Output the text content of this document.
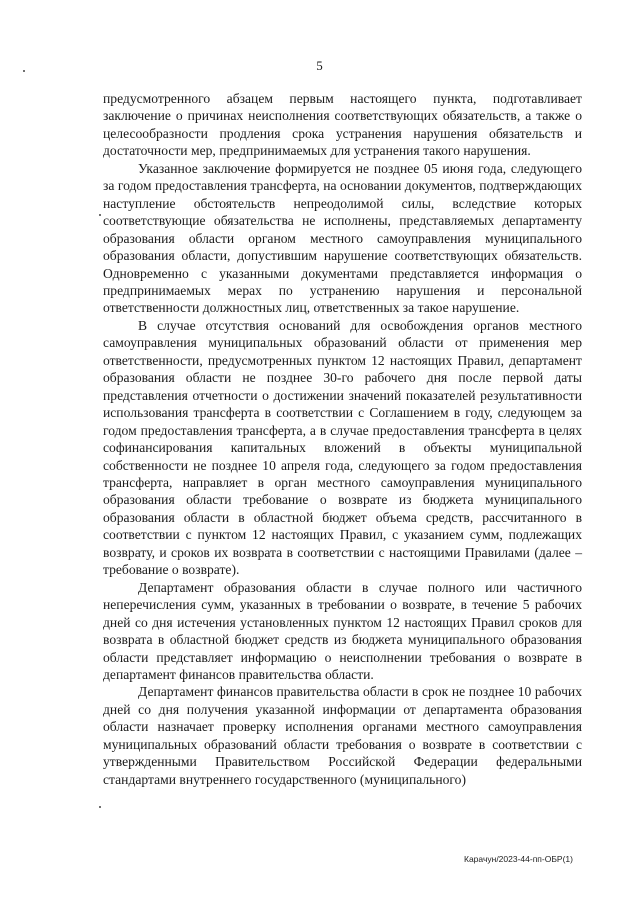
5

предусмотренного абзацем первым настоящего пункта, подготавливает заключение о причинах неисполнения соответствующих обязательств, а также о целесообразности продления срока устранения нарушения обязательств и достаточности мер, предпринимаемых для устранения такого нарушения.

Указанное заключение формируется не позднее 05 июня года, следующего за годом предоставления трансферта, на основании документов, подтверждающих наступление обстоятельств непреодолимой силы, вследствие которых соответствующие обязательства не исполнены, представляемых департаменту образования области органом местного самоуправления муниципального образования области, допустившим нарушение соответствующих обязательств. Одновременно с указанными документами представляется информация о предпринимаемых мерах по устранению нарушения и персональной ответственности должностных лиц, ответственных за такое нарушение.

В случае отсутствия оснований для освобождения органов местного самоуправления муниципальных образований области от применения мер ответственности, предусмотренных пунктом 12 настоящих Правил, департамент образования области не позднее 30-го рабочего дня после первой даты представления отчетности о достижении значений показателей результативности использования трансферта в соответствии с Соглашением в году, следующем за годом предоставления трансферта, а в случае предоставления трансферта в целях софинансирования капитальных вложений в объекты муниципальной собственности не позднее 10 апреля года, следующего за годом предоставления трансферта, направляет в орган местного самоуправления муниципального образования области требование о возврате из бюджета муниципального образования области в областной бюджет объема средств, рассчитанного в соответствии с пунктом 12 настоящих Правил, с указанием сумм, подлежащих возврату, и сроков их возврата в соответствии с настоящими Правилами (далее – требование о возврате).

Департамент образования области в случае полного или частичного неперечисления сумм, указанных в требовании о возврате, в течение 5 рабочих дней со дня истечения установленных пунктом 12 настоящих Правил сроков для возврата в областной бюджет средств из бюджета муниципального образования области представляет информацию о неисполнении требования о возврате в департамент финансов правительства области.

Департамент финансов правительства области в срок не позднее 10 рабочих дней со дня получения указанной информации от департамента образования области назначает проверку исполнения органами местного самоуправления муниципальных образований области требования о возврате в соответствии с утвержденными Правительством Российской Федерации федеральными стандартами внутреннего государственного (муниципального)

Карачун/2023-44-пп-ОБР(1)
